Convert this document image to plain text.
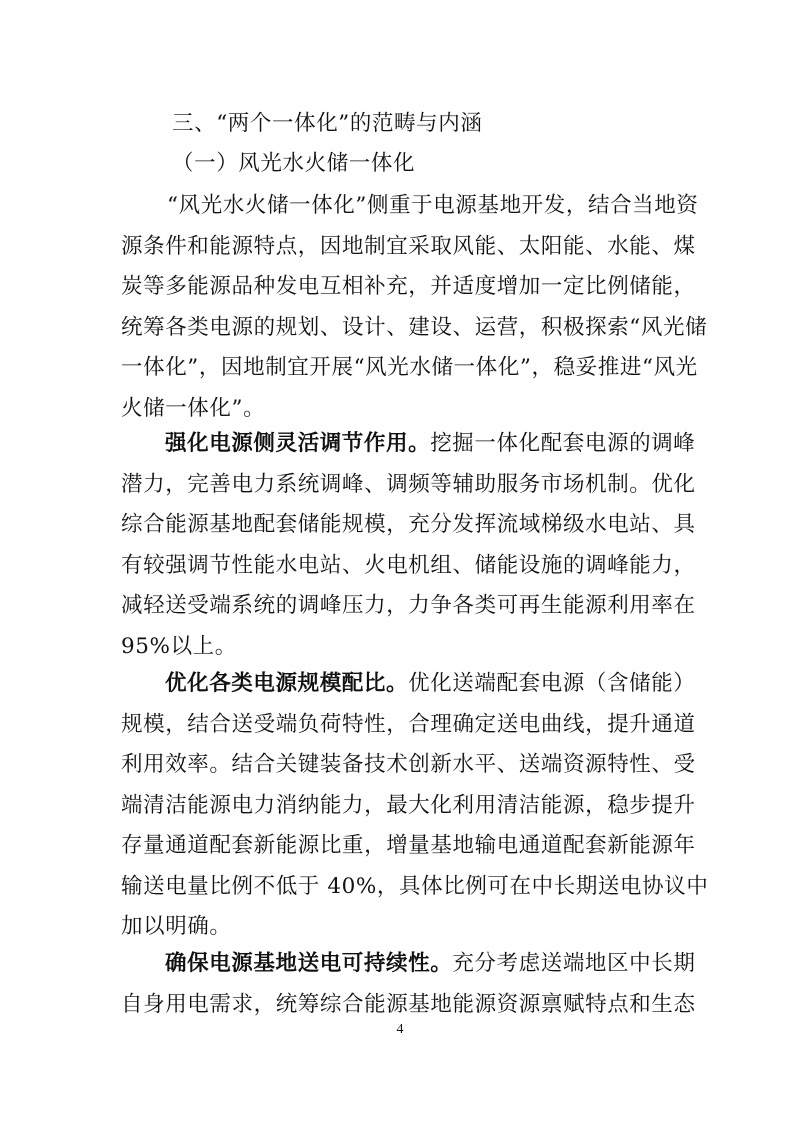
三、“两个一体化”的范畴与内涵
（一）风光水火储一体化
“风光水火储一体化”侧重于电源基地开发，结合当地资
源条件和能源特点，因地制宜采取风能、太阳能、水能、煤
炭等多能源品种发电互相补充，并适度增加一定比例储能，
统筹各类电源的规划、设计、建设、运营，积极探索“风光储
一体化”，因地制宜开展“风光水储一体化”，稳妥推进“风光
火储一体化”。
强化电源侧灵活调节作用。挖掘一体化配套电源的调峰
潜力，完善电力系统调峰、调频等辅助服务市场机制。优化
综合能源基地配套储能规模，充分发挥流域梯级水电站、具
有较强调节性能水电站、火电机组、储能设施的调峰能力，
减轻送受端系统的调峰压力，力争各类可再生能源利用率在
95%以上。
优化各类电源规模配比。优化送端配套电源（含储能）
规模，结合送受端负荷特性，合理确定送电曲线，提升通道
利用效率。结合关键装备技术创新水平、送端资源特性、受
端清洁能源电力消纳能力，最大化利用清洁能源，稳步提升
存量通道配套新能源比重，增量基地输电通道配套新能源年
输送电量比例不低于 40%，具体比例可在中长期送电协议中
加以明确。
确保电源基地送电可持续性。充分考虑送端地区中长期
自身用电需求，统筹综合能源基地能源资源禀赋特点和生态
4
